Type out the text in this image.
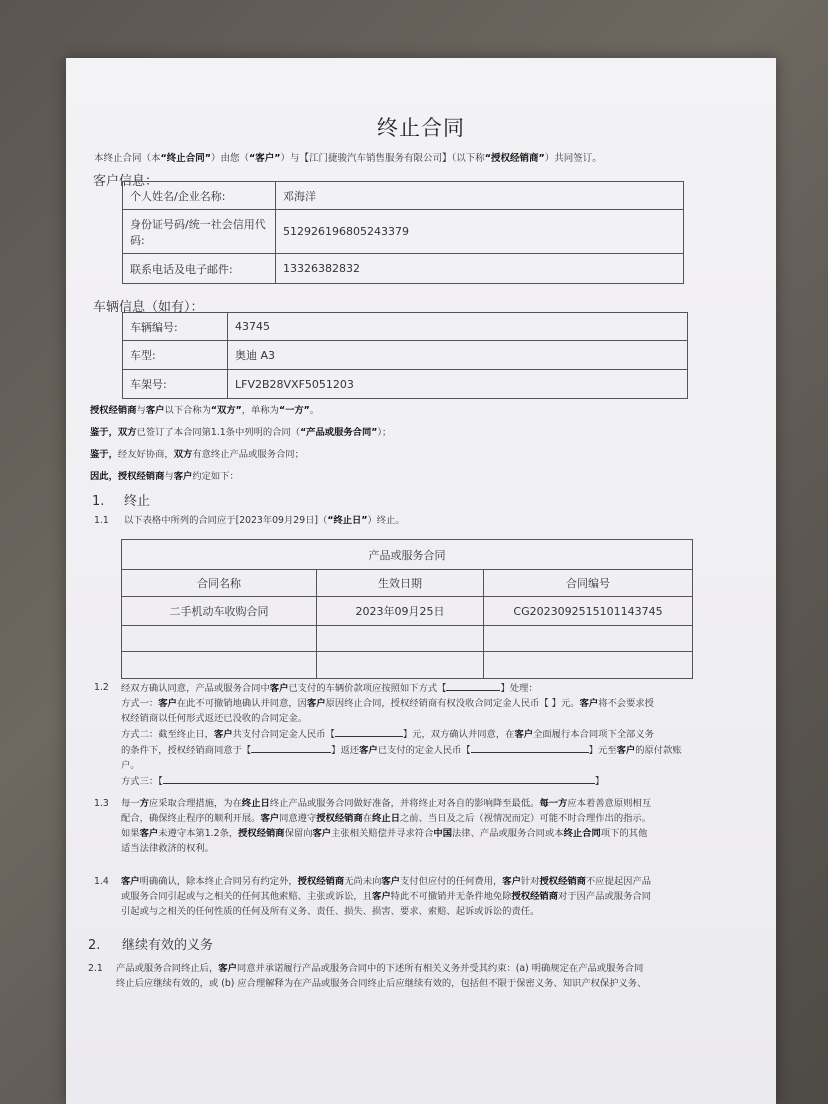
终止合同
本终止合同（本“终止合同”）由您（“客户”）与【江门捷骏汽车销售服务有限公司】（以下称“授权经销商”）共同签订。
客户信息：
个人姓名/企业名称:	邓海洋
身份证号码/统一社会信用代码:	512926196805243379
联系电话及电子邮件:	13326382832
车辆信息（如有）：
车辆编号:	43745
车型:	奥迪 A3
车架号:	LFV2B28VXF5051203
授权经销商与客户以下合称为“双方”，单称为“一方”。
鉴于，双方已签订了本合同第1.1条中列明的合同（“产品或服务合同”）；
鉴于，经友好协商，双方有意终止产品或服务合同；
因此，授权经销商与客户约定如下：
1. 终止
1.1 以下表格中所列的合同应于[2023年09月29日]（“终止日”）终止。
产品或服务合同		
合同名称	生效日期	合同编号
二手机动车收购合同	2023年09月25日	CG2023092515101143745

1.2 经双方确认同意，产品或服务合同中客户已支付的车辆价款项应按照如下方式【	】处理：
方式一：客户在此不可撤销地确认并同意，因客户原因终止合同，授权经销商有权没收合同定金人民币【 】元。客户将不会要求授
权经销商以任何形式返还已没收的合同定金。
方式二：截至终止日，客户共支付合同定金人民币【	】元，双方确认并同意，在客户全面履行本合同项下全部义务
的条件下，授权经销商同意于【	】返还客户已支付的定金人民币【	】元至客户的原付款账
户。
方式三：【	】
1.3 每一方应采取合理措施，为在终止日终止产品或服务合同做好准备，并将终止对各自的影响降至最低。每一方应本着善意原则相互
配合，确保终止程序的顺利开展。客户同意遵守授权经销商在终止日之前、当日及之后（视情况而定）可能不时合理作出的指示。
如果客户未遵守本第1.2条，授权经销商保留向客户主张相关赔偿并寻求符合中国法律、产品或服务合同或本终止合同项下的其他
适当法律救济的权利。
1.4 客户明确确认，除本终止合同另有约定外，授权经销商无尚未向客户支付但应付的任何费用，客户针对授权经销商不应提起因产品
或服务合同引起或与之相关的任何其他索赔、主张或诉讼，且客户特此不可撤销并无条件地免除授权经销商对于因产品或服务合同
引起或与之相关的任何性质的任何及所有义务、责任、损失、损害、要求、索赔、起诉或诉讼的责任。
2. 继续有效的义务
2.1 产品或服务合同终止后，客户同意并承诺履行产品或服务合同中的下述所有相关义务并受其约束：(a) 明确规定在产品或服务合同
终止后应继续有效的，或 (b) 应合理解释为在产品或服务合同终止后应继续有效的，包括但不限于保密义务、知识产权保护义务、
